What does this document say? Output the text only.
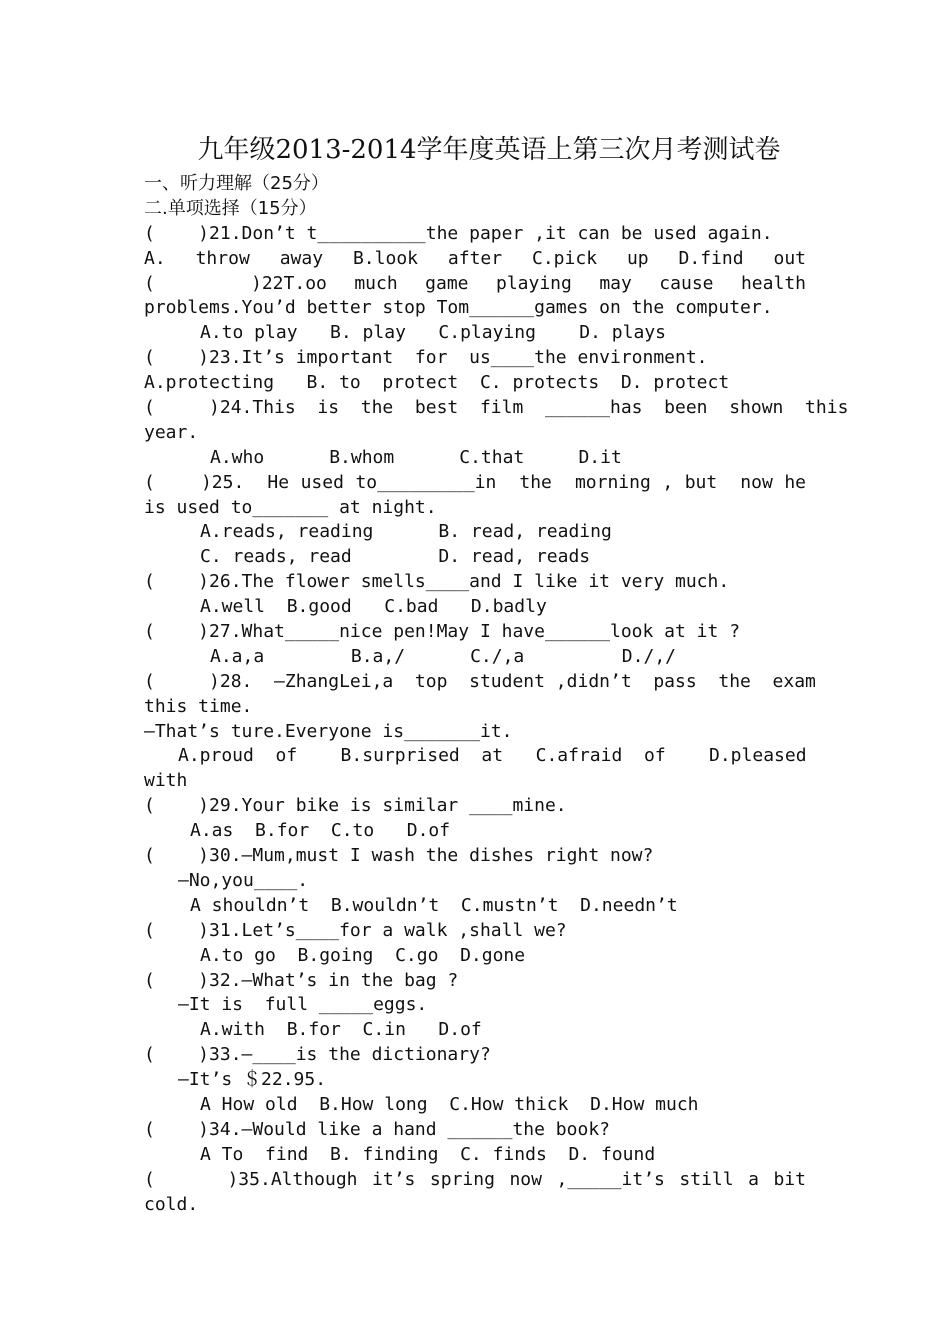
九年级2013-2014学年度英语上第三次月考测试卷
一、听力理解（25分）
二.单项选择（15分）
(    )21.Don’t t__________the paper ,it can be used again.
A.  throw  away  B.look  after  C.pick  up  D.find  out
(       )22T.oo  much  game  playing  may  cause  health
problems.You’d better stop Tom______games on the computer.
A.to play   B. play   C.playing    D. plays
(    )23.It’s important  for  us____the environment.
A.protecting   B. to  protect  C. protects  D. protect
(     )24.This  is  the  best  film  ______has  been  shown  this
year.
A.who      B.whom      C.that     D.it
(    )25.  He used to_________in  the  morning , but  now he
is used to_______ at night.
A.reads, reading      B. read, reading
C. reads, read        D. read, reads
(    )26.The flower smells____and I like it very much.
A.well  B.good   C.bad   D.badly
(    )27.What_____nice pen!May I have______look at it ?
A.a,a        B.a,/      C./,a         D./,/
(     )28.  —ZhangLei,a  top  student ,didn’t  pass  the  exam
this time.
—That’s ture.Everyone is_______it.
A.proud  of    B.surprised  at   C.afraid  of    D.pleased
with
(    )29.Your bike is similar ____mine.
A.as  B.for  C.to   D.of
(    )30.—Mum,must I wash the dishes right now?
—No,you____.
A shouldn’t  B.wouldn’t  C.mustn’t  D.needn’t
(    )31.Let’s____for a walk ,shall we?
A.to go  B.going  C.go  D.gone
(    )32.—What’s in the bag ?
—It is  full _____eggs.
A.with  B.for  C.in   D.of
(    )33.—____is the dictionary?
—It’s ＄22.95.
A How old  B.How long  C.How thick  D.How much
(    )34.—Would like a hand ______the book?
A To  find  B. finding  C. finds  D. found
(     )35.Although it’s spring now ,_____it’s still a bit
cold.
